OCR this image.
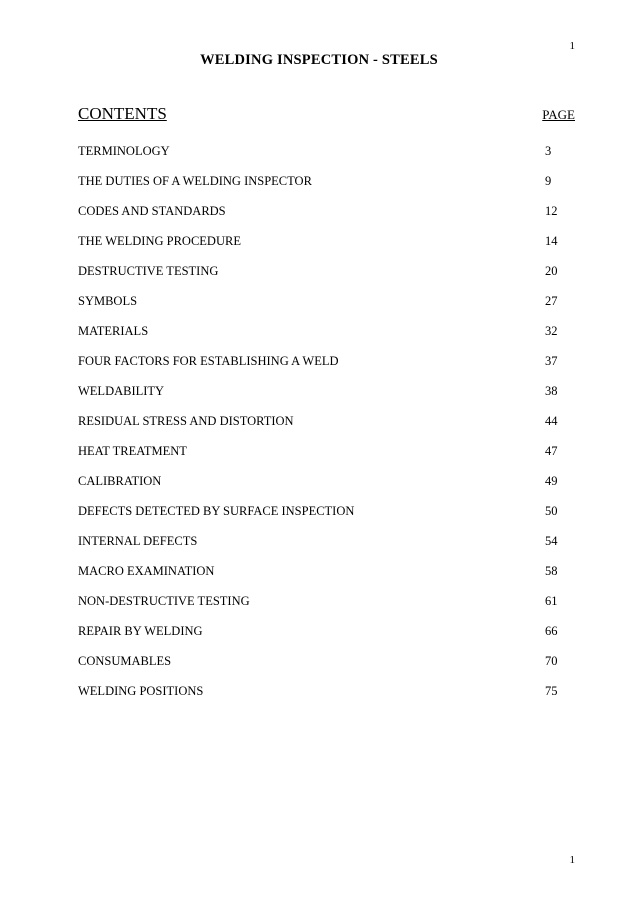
1
WELDING INSPECTION - STEELS
CONTENTS	PAGE
TERMINOLOGY	3
THE DUTIES OF A WELDING INSPECTOR	9
CODES AND STANDARDS	12
THE WELDING PROCEDURE	14
DESTRUCTIVE TESTING	20
SYMBOLS	27
MATERIALS	32
FOUR FACTORS FOR ESTABLISHING A WELD	37
WELDABILITY	38
RESIDUAL STRESS AND DISTORTION	44
HEAT TREATMENT	47
CALIBRATION	49
DEFECTS DETECTED BY SURFACE INSPECTION	50
INTERNAL DEFECTS	54
MACRO EXAMINATION	58
NON-DESTRUCTIVE TESTING	61
REPAIR BY WELDING	66
CONSUMABLES	70
WELDING POSITIONS	75
1
